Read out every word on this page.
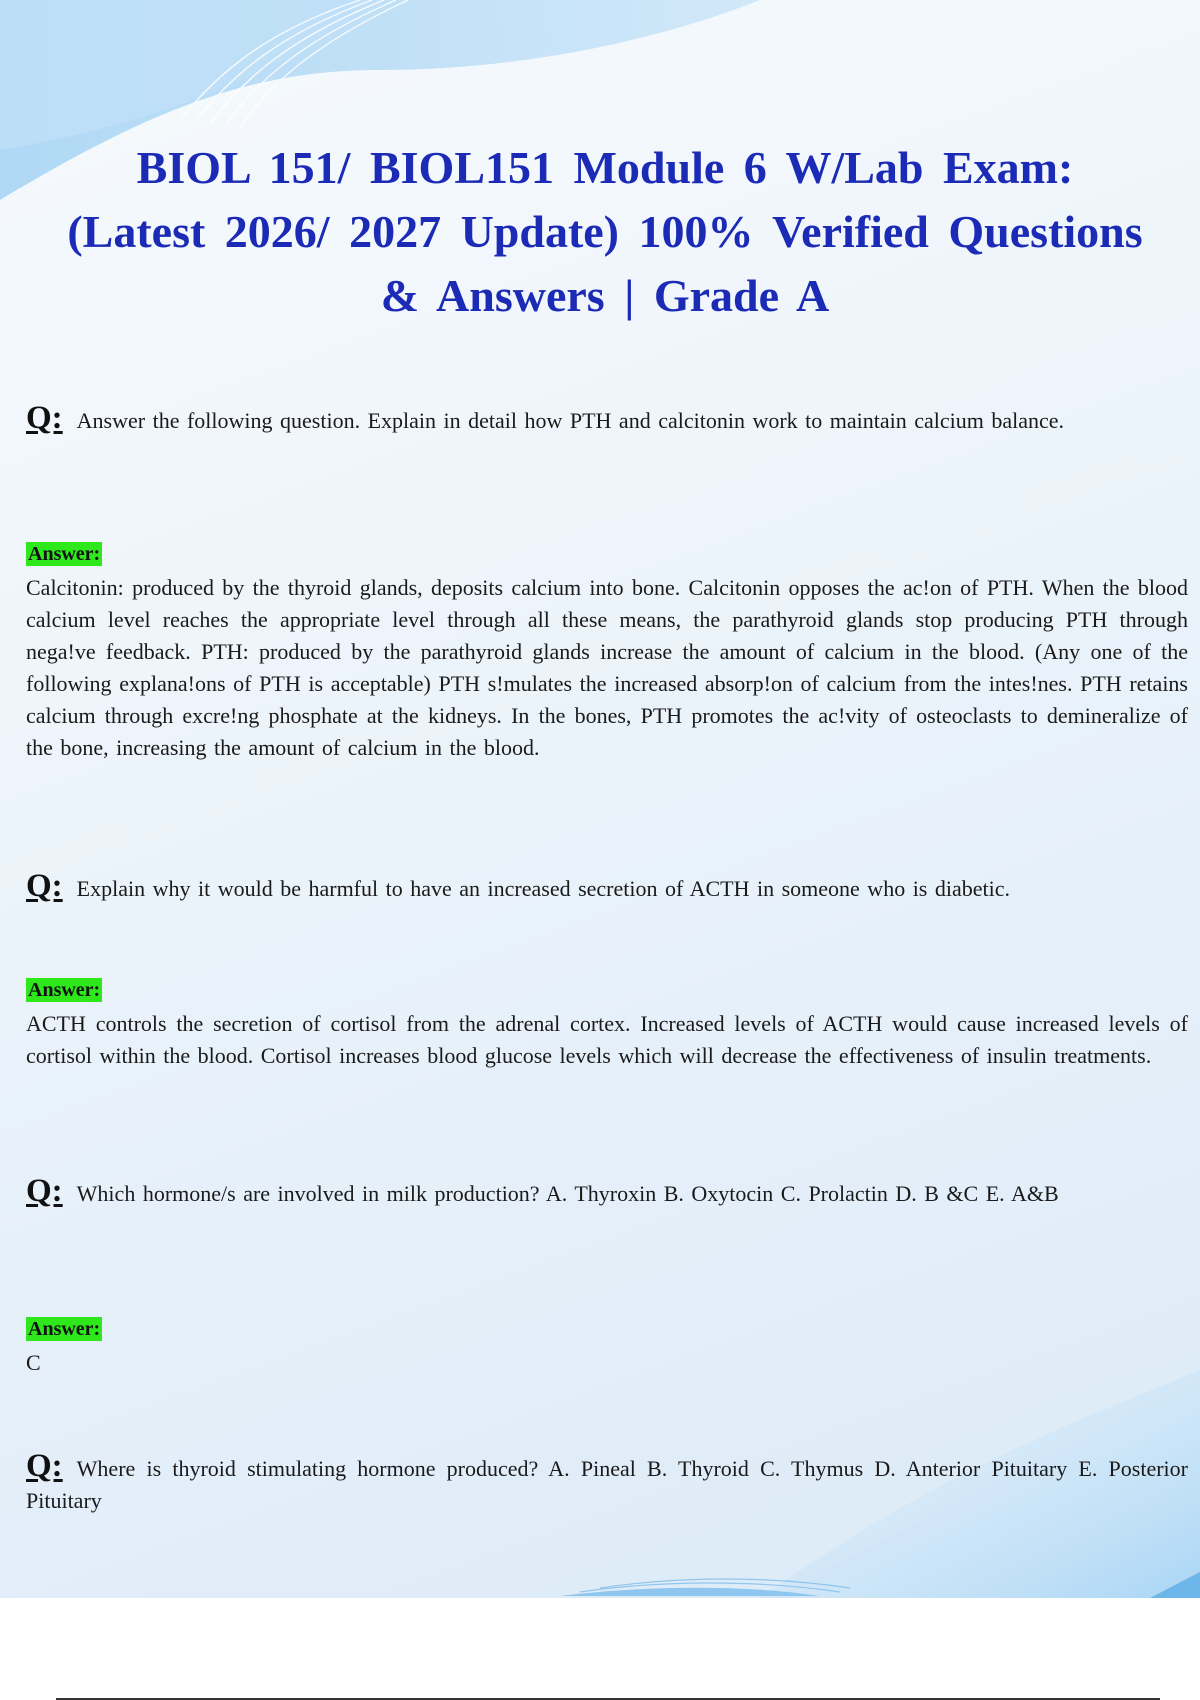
BIOL 151/ BIOL151 Module 6 W/Lab Exam:
(Latest 2026/ 2027 Update) 100% Verified Questions
& Answers | Grade A

Q: Answer the following question. Explain in detail how PTH and calcitonin work to maintain calcium balance.

Answer:

Calcitonin: produced by the thyroid glands, deposits calcium into bone. Calcitonin opposes the ac!on of PTH. When the blood calcium level reaches the appropriate level through all these means, the parathyroid glands stop producing PTH through nega!ve feedback. PTH: produced by the parathyroid glands increase the amount of calcium in the blood. (Any one of the following explana!ons of PTH is acceptable) PTH s!mulates the increased absorp!on of calcium from the intes!nes. PTH retains calcium through excre!ng phosphate at the kidneys. In the bones, PTH promotes the ac!vity of osteoclasts to demineralize of the bone, increasing the amount of calcium in the blood.

Q: Explain why it would be harmful to have an increased secretion of ACTH in someone who is diabetic.

Answer:

ACTH controls the secretion of cortisol from the adrenal cortex. Increased levels of ACTH would cause increased levels of cortisol within the blood. Cortisol increases blood glucose levels which will decrease the effectiveness of insulin treatments.

Q: Which hormone/s are involved in milk production? A. Thyroxin B. Oxytocin C. Prolactin D. B &C E. A&B

Answer:

C

Q: Where is thyroid stimulating hormone produced? A. Pineal B. Thyroid C. Thymus D. Anterior Pituitary E. Posterior Pituitary
